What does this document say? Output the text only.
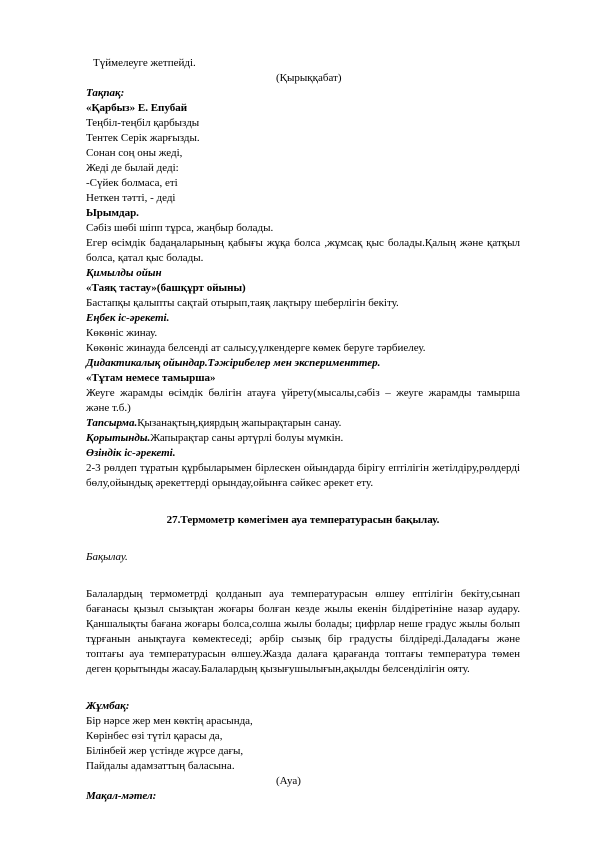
Түймелеуге жетпейді.
(Қырыққабат)
Тақпақ:
«Қарбыз» Е. Епубай
Теңбіл-теңбіл қарбызды
Тентек Серік жарғызды.
Сонан соң оны жеді,
Жеді де былай деді:
-Сүйек болмаса, еті
Неткен тәтті, - деді
Ырымдар.
Сәбіз шөбі шіпп тұрса, жаңбыр болады.
Егер өсімдік бадаңаларының қабығы жұқа болса ,жұмсақ қыс болады.Қалың және қатқыл болса, қатал қыс болады.
Қимылды ойын
«Таяқ тастау»(башқұрт ойыны)
Бастапқы қалыпты сақтай отырып,таяқ лақтыру шеберлігін бекіту.
Еңбек іс-әрекеті.
Көкөніс жинау.
Көкөніс жинауда белсенді ат салысу,үлкендерге көмек беруге тәрбиелеу.
Дидактикалық ойындар.Тәжірибелер мен эксперименттер.
«Тұтам немесе тамыршa»
Жеуге жарамды өсімдік бөлігін атауға үйрету(мысалы,сәбіз – жеуге жарамды тамырша және т.б.)
Тапсырма.Қызанақтың,қиярдың жапырақтарын санау.
Қорытынды.Жапырақтар саны әртүрлі болуы мүмкін.
Өзіндік іс-әрекеті.
2-3 рөлдеп тұратын құрбыларымен бірлескен ойындарда бірігу ептілігін жетілдіру,рөлдерді бөлу,ойындық әрекеттерді орындау,ойынға сәйкес әрекет ету.
27.Термометр көмегімен ауа температурасын бақылау.
Бақылау.
Балалардың термометрді қолданып ауа температурасын өлшеу ептілігін бекіту,сынап бағанасы қызыл сызықтан жоғары болған кезде жылы екенін білдіретініне назар аудару. Қаншалықты бағана жоғары болса,солша жылы болады; цифрлар неше градус жылы болып тұрғанын анықтауға көмектеседі; әрбір сызық бір градусты білдіреді.Даладағы және топтағы ауа температурасын өлшеу.Жазда далаға қарағанда топтағы температура төмен деген қорытынды жасау.Балалардың қызығушылығын,ақылды белсенділігін ояту.
Жұмбақ:
Бір нәрсе жер мен көктің арасында,
Көрінбес өзі түтіл қарасы да,
Білінбей жер үстінде жүрсе дағы,
Пайдалы адамзаттың баласына.
(Ауа)
Мақал-мәтел:
